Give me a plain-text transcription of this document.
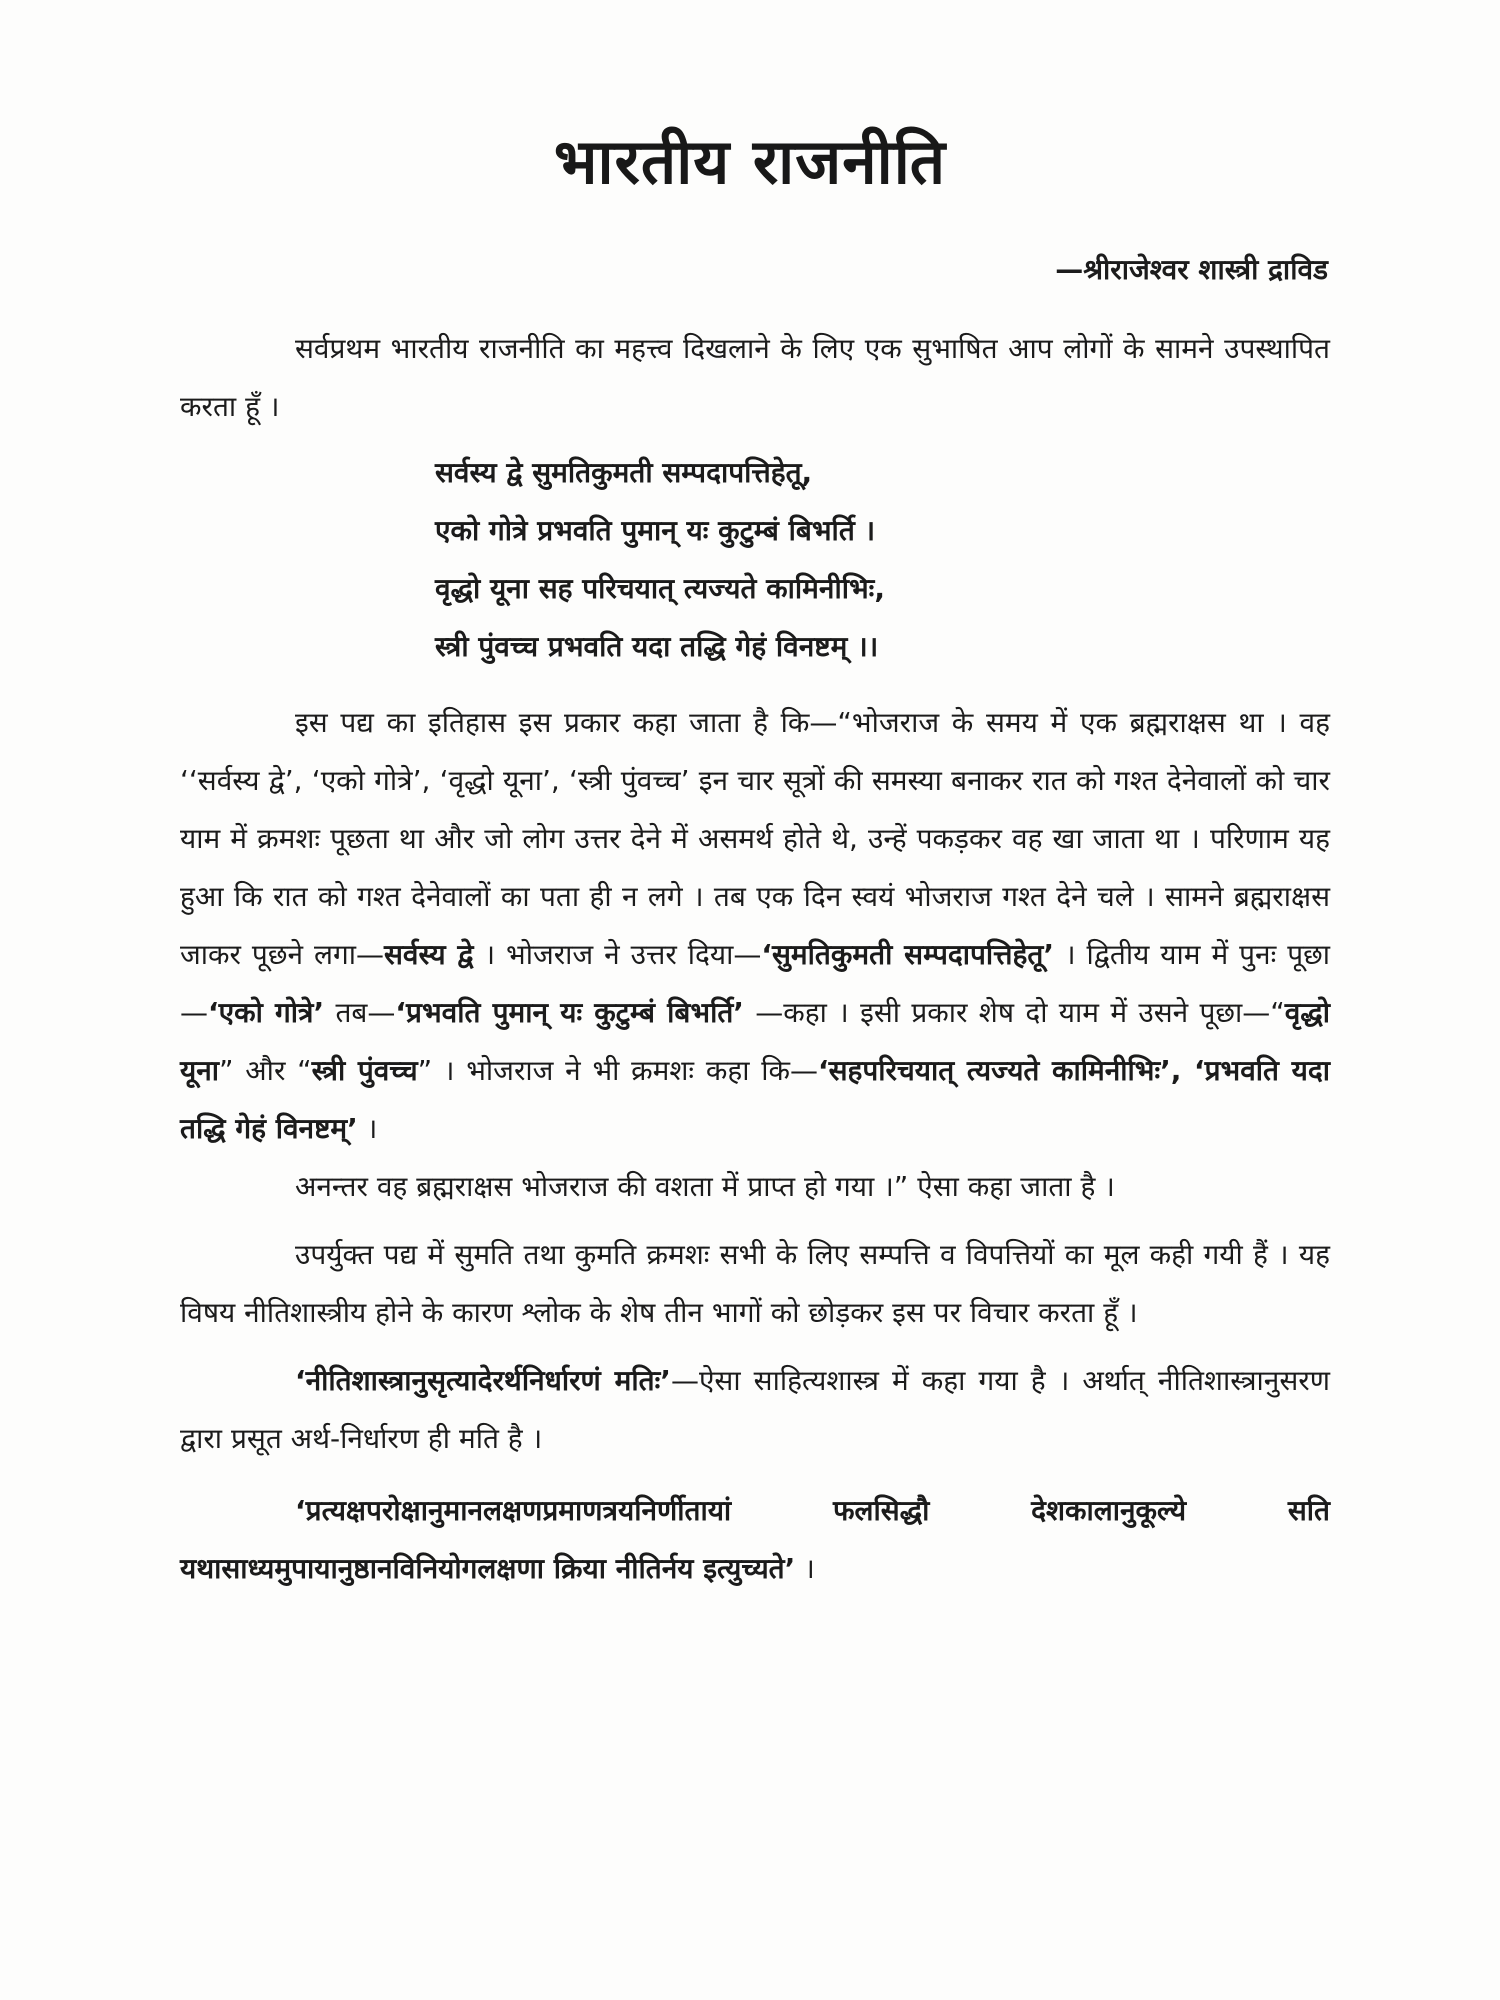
भारतीय राजनीति
—श्रीराजेश्वर शास्त्री द्राविड

सर्वप्रथम भारतीय राजनीति का महत्त्व दिखलाने के लिए एक सुभाषित आप लोगों के सामने उपस्थापित करता हूँ ।

सर्वस्य द्वे सुमतिकुमती सम्पदापत्तिहेतू,
एको गोत्रे प्रभवति पुमान् यः कुटुम्बं बिभर्ति ।
वृद्धो यूना सह परिचयात् त्यज्यते कामिनीभिः,
स्त्री पुंवच्च प्रभवति यदा तद्धि गेहं विनष्टम् ।।

इस पद्य का इतिहास इस प्रकार कहा जाता है कि—“भोजराज के समय में एक ब्रह्मराक्षस था । वह ‘‘सर्वस्य द्वे’, ‘एको गोत्रे’, ‘वृद्धो यूना’, ‘स्त्री पुंवच्च’ इन चार सूत्रों की समस्या बनाकर रात को गश्त देनेवालों को चार याम में क्रमशः पूछता था और जो लोग उत्तर देने में असमर्थ होते थे, उन्हें पकड़कर वह खा जाता था । परिणाम यह हुआ कि रात को गश्त देनेवालों का पता ही न लगे । तब एक दिन स्वयं भोजराज गश्त देने चले । सामने ब्रह्मराक्षस जाकर पूछने लगा—सर्वस्य द्वे । भोजराज ने उत्तर दिया—‘सुमतिकुमती सम्पदापत्तिहेतू’ । द्वितीय याम में पुनः पूछा—‘एको गोत्रे’ तब—‘प्रभवति पुमान् यः कुटुम्बं बिभर्ति’ —कहा । इसी प्रकार शेष दो याम में उसने पूछा—“वृद्धो यूना” और “स्त्री पुंवच्च” । भोजराज ने भी क्रमशः कहा कि—‘सहपरिचयात् त्यज्यते कामिनीभिः’, ‘प्रभवति यदा तद्धि गेहं विनष्टम्’ ।

अनन्तर वह ब्रह्मराक्षस भोजराज की वशता में प्राप्त हो गया ।” ऐसा कहा जाता है ।

उपर्युक्त पद्य में सुमति तथा कुमति क्रमशः सभी के लिए सम्पत्ति व विपत्तियों का मूल कही गयी हैं । यह विषय नीतिशास्त्रीय होने के कारण श्लोक के शेष तीन भागों को छोड़कर इस पर विचार करता हूँ ।

‘नीतिशास्त्रानुसृत्यादेरर्थनिर्धारणं मतिः’—ऐसा साहित्यशास्त्र में कहा गया है । अर्थात् नीतिशास्त्रानुसरण द्वारा प्रसूत अर्थ-निर्धारण ही मति है ।

‘प्रत्यक्षपरोक्षानुमानलक्षणप्रमाणत्रयनिर्णीतायां फलसिद्धौ देशकालानुकूल्ये सति यथासाध्यमुपायानुष्ठानविनियोगलक्षणा क्रिया नीतिर्नय इत्युच्यते’ ।
